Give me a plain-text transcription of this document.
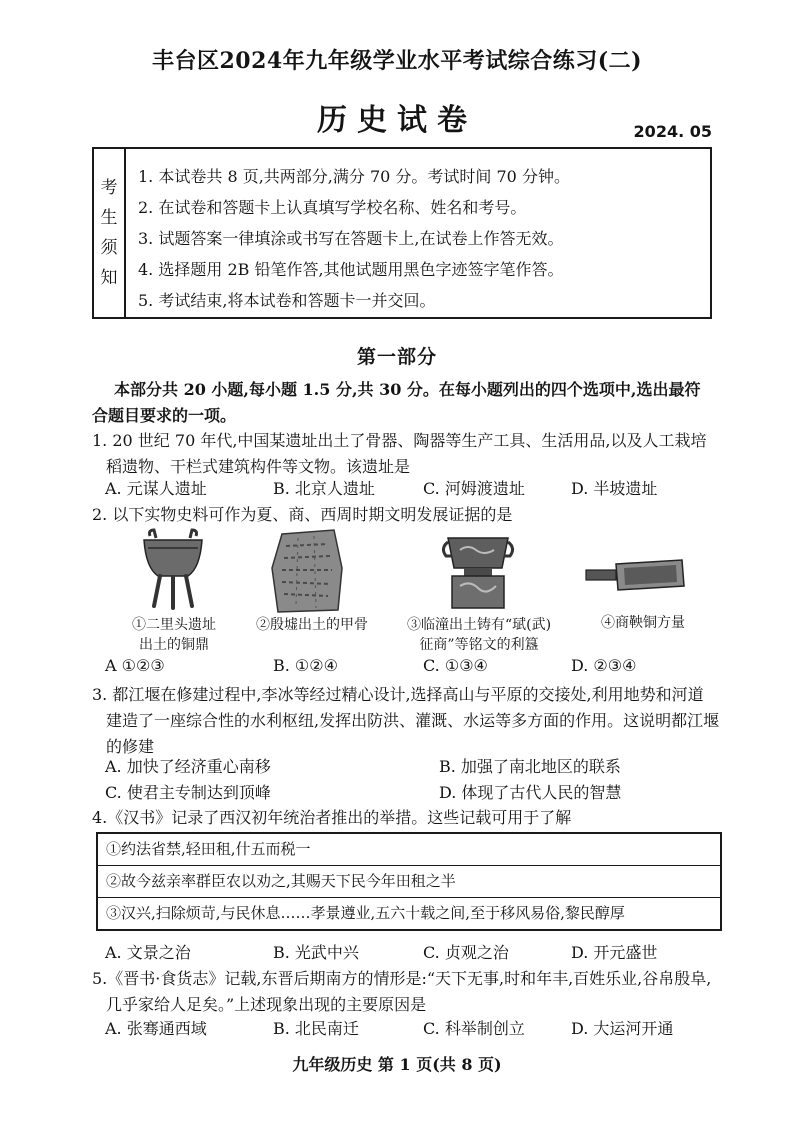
丰台区2024年九年级学业水平考试综合练习(二)
历史试卷	2024. 05
考
生
须
知
1. 本试卷共 8 页,共两部分,满分 70 分。考试时间 70 分钟。
2. 在试卷和答题卡上认真填写学校名称、姓名和考号。
3. 试题答案一律填涂或书写在答题卡上,在试卷上作答无效。
4. 选择题用 2B 铅笔作答,其他试题用黑色字迹签字笔作答。
5. 考试结束,将本试卷和答题卡一并交回。
第一部分
本部分共 20 小题,每小题 1.5 分,共 30 分。在每小题列出的四个选项中,选出最符合题目要求的一项。
1. 20 世纪 70 年代,中国某遗址出土了骨器、陶器等生产工具、生活用品,以及人工栽培稻遗物、干栏式建筑构件等文物。该遗址是
A. 元谋人遗址	B. 北京人遗址	C. 河姆渡遗址	D. 半坡遗址
2. 以下实物史料可作为夏、商、西周时期文明发展证据的是
①二里头遗址
出土的铜鼎
②殷墟出土的甲骨	③临潼出土铸有“珷(武)
征商”等铭文的利簋
④商鞅铜方量
A ①②③	B. ①②④	C. ①③④	D. ②③④
3. 都江堰在修建过程中,李冰等经过精心设计,选择高山与平原的交接处,利用地势和河道 建造了一座综合性的水利枢纽,发挥出防洪、灌溉、水运等多方面的作用。这说明都江堰的修建
A. 加快了经济重心南移	B. 加强了南北地区的联系
C. 使君主专制达到顶峰	D. 体现了古代人民的智慧
4.《汉书》记录了西汉初年统治者推出的举措。这些记载可用于了解
①约法省禁,轻田租,什五而税一
②故今兹亲率群臣农以劝之,其赐天下民今年田租之半
③汉兴,扫除烦苛,与民休息……孝景遵业,五六十载之间,至于移风易俗,黎民醇厚
A. 文景之治	B. 光武中兴	C. 贞观之治	D. 开元盛世
5.《晋书·食货志》记载,东晋后期南方的情形是:“天下无事,时和年丰,百姓乐业,谷帛殷阜,几乎家给人足矣。”上述现象出现的主要原因是
A. 张骞通西域	B. 北民南迁	C. 科举制创立	D. 大运河开通
九年级历史 第 1 页(共 8 页)
